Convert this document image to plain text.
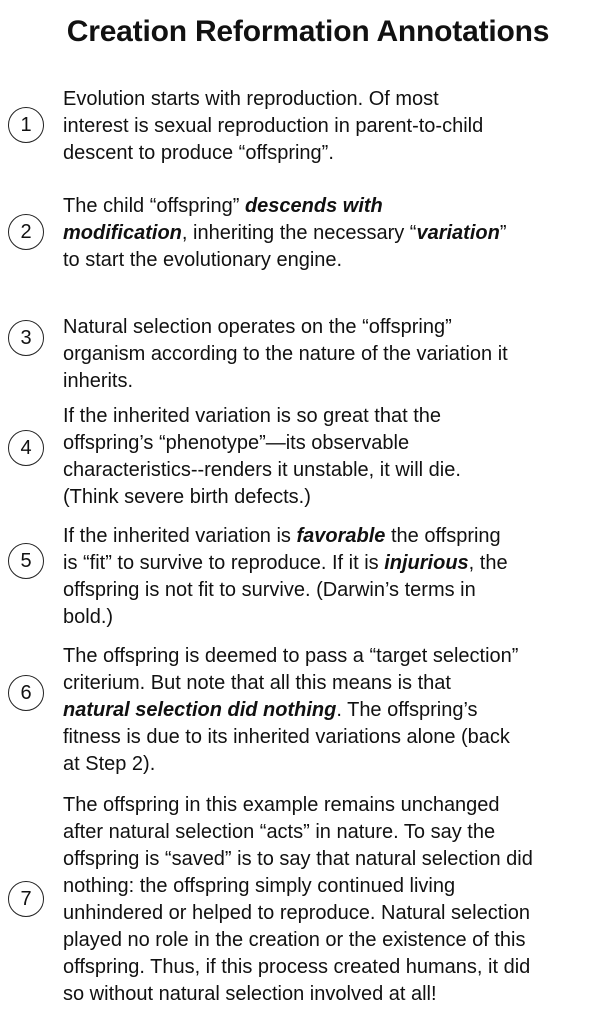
Creation Reformation Annotations
1
Evolution starts with reproduction. Of most
interest is sexual reproduction in parent-to-child
descent to produce “offspring”.
2
The child “offspring” descends with
modification, inheriting the necessary “variation”
to start the evolutionary engine.
3	Natural selection operates on the “offspring”
organism according to the nature of the variation it
inherits.
4
If the inherited variation is so great that the
offspring’s “phenotype”—its observable
characteristics--renders it unstable, it will die.
(Think severe birth defects.)
5
If the inherited variation is favorable the offspring
is “fit” to survive to reproduce. If it is injurious, the
offspring is not fit to survive. (Darwin’s terms in
bold.)
6
The offspring is deemed to pass a “target selection”
criterium. But note that all this means is that
natural selection did nothing. The offspring’s
fitness is due to its inherited variations alone (back
at Step 2).
7
The offspring in this example remains unchanged
after natural selection “acts” in nature. To say the
offspring is “saved” is to say that natural selection did
nothing: the offspring simply continued living
unhindered or helped to reproduce. Natural selection
played no role in the creation or the existence of this
offspring. Thus, if this process created humans, it did
so without natural selection involved at all!
